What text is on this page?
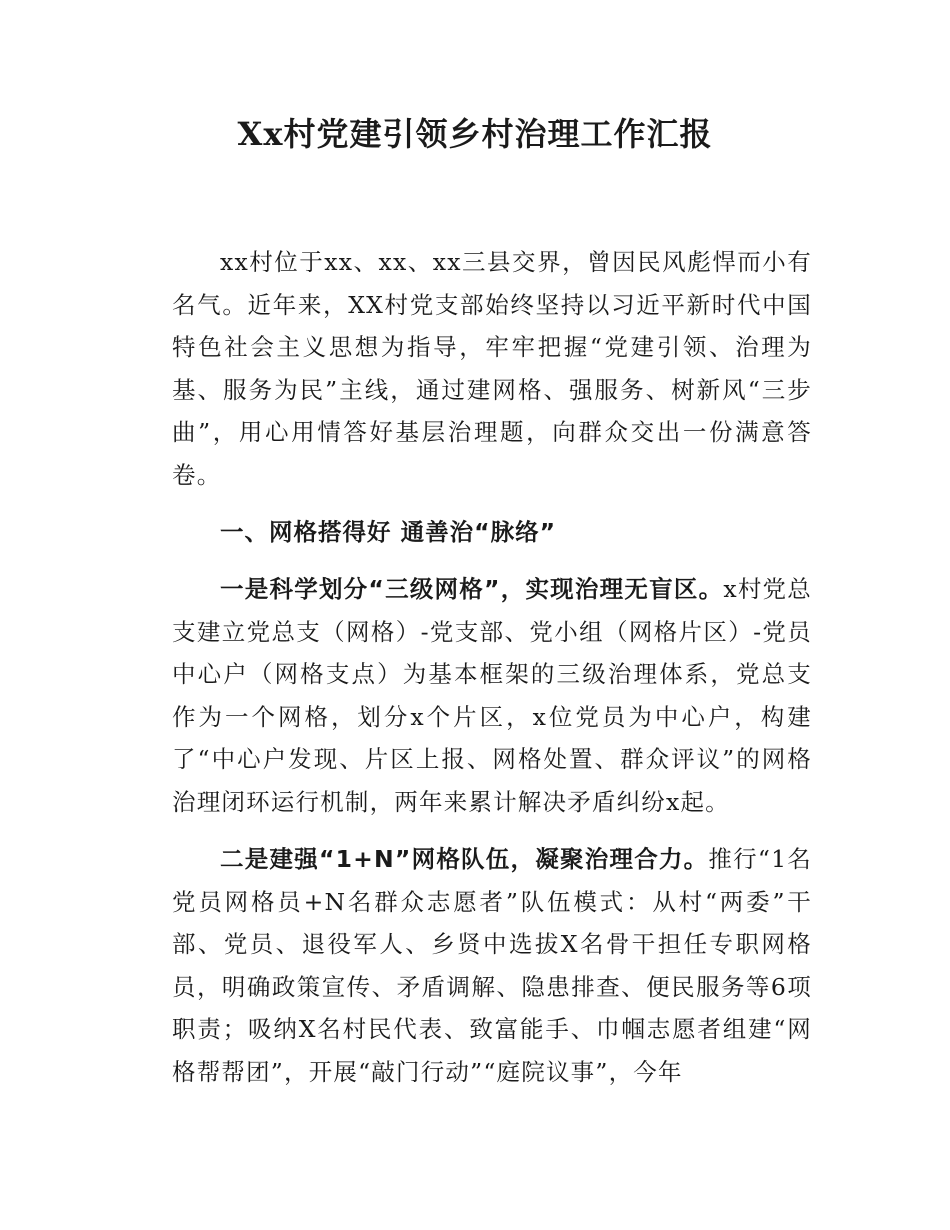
Xx村党建引领乡村治理工作汇报

xx村位于xx、xx、xx三县交界，曾因民风彪悍而小有名气。近年来，XX村党支部始终坚持以习近平新时代中国特色社会主义思想为指导，牢牢把握“党建引领、治理为基、服务为民”主线，通过建网格、强服务、树新风“三步曲”，用心用情答好基层治理题，向群众交出一份满意答卷。

一、网格搭得好 通善治“脉络”

一是科学划分“三级网格”，实现治理无盲区。x村党总支建立党总支（网格）-党支部、党小组（网格片区）-党员中心户（网格支点）为基本框架的三级治理体系，党总支作为一个网格，划分x个片区，x位党员为中心户，构建了“中心户发现、片区上报、网格处置、群众评议”的网格治理闭环运行机制，两年来累计解决矛盾纠纷x起。

二是建强“1+N”网格队伍，凝聚治理合力。推行“1名党员网格员+N名群众志愿者”队伍模式：从村“两委”干部、党员、退役军人、乡贤中选拔X名骨干担任专职网格员，明确政策宣传、矛盾调解、隐患排查、便民服务等6项职责；吸纳X名村民代表、致富能手、巾帼志愿者组建“网格帮帮团”，开展“敲门行动”“庭院议事”，今年
